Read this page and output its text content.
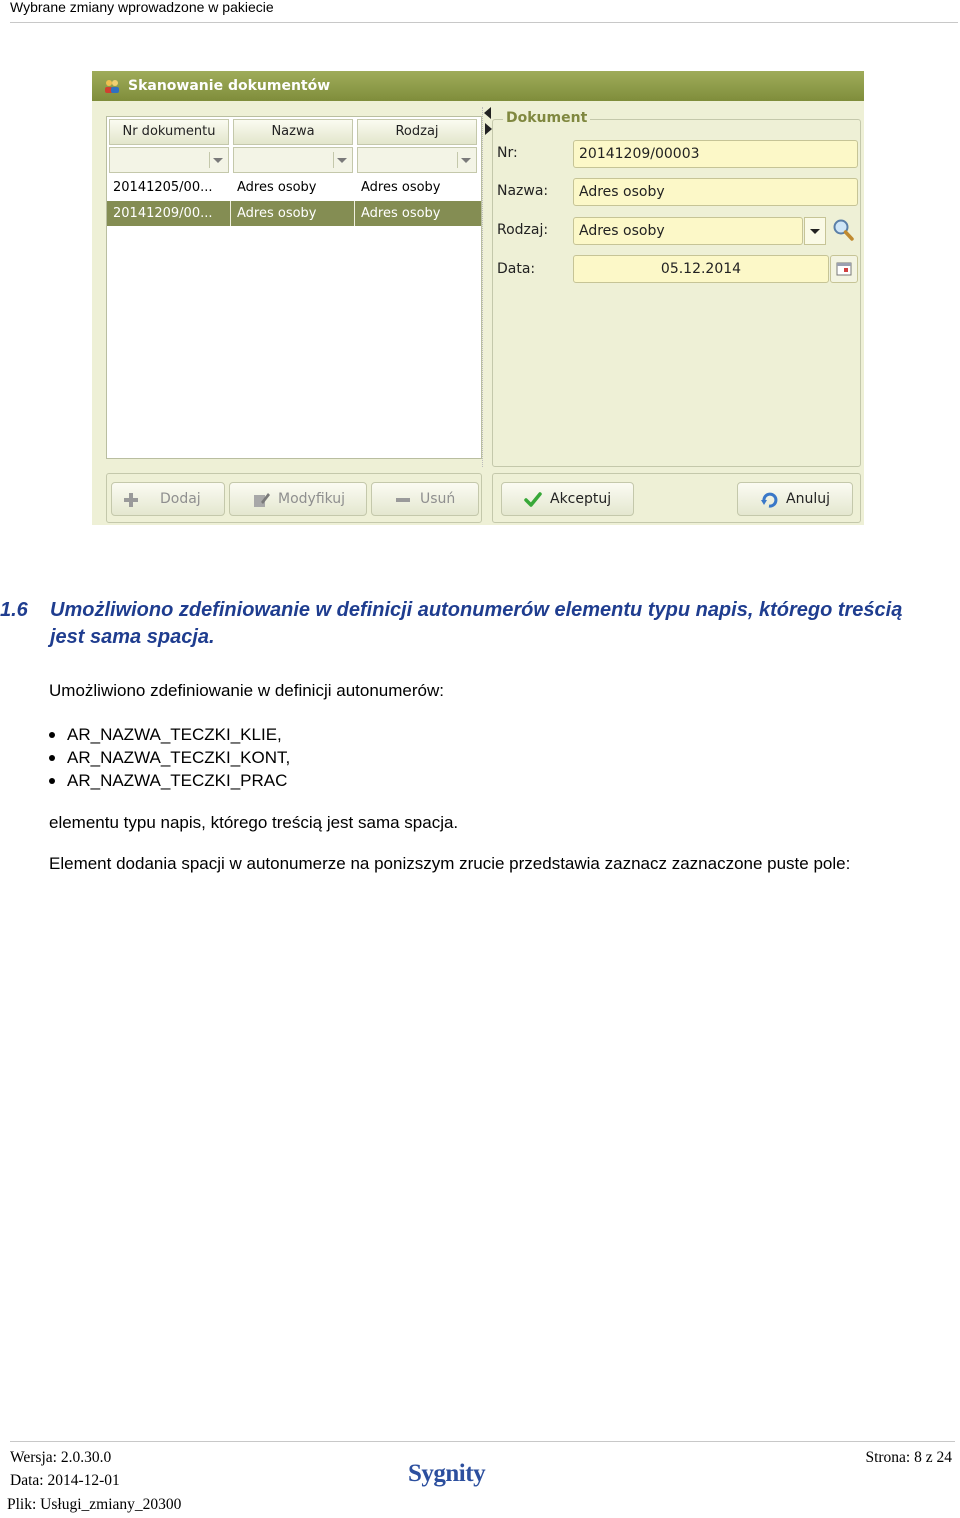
Wybrane zmiany wprowadzone w pakiecie
Skanowanie dokumentów
Nr dokumentu	Nazwa	Rodzaj
20141205/00...	Adres osoby	Adres osoby
20141209/00...	Adres osoby	Adres osoby
Dokument
Nr:	20141209/00003
Nazwa:	Adres osoby
Rodzaj:	Adres osoby
Data:	05.12.2014
Dodaj	Modyfikuj	Usuń	Akceptuj	Anuluj
1.6 Umożliwiono zdefiniowanie w definicji autonumerów elementu typu napis, którego treścią jest sama spacja.
Umożliwiono zdefiniowanie w definicji autonumerów:
AR_NAZWA_TECZKI_KLIE,
AR_NAZWA_TECZKI_KONT,
AR_NAZWA_TECZKI_PRAC
elementu typu napis, którego treścią jest sama spacja.
Element dodania spacji w autonumerze na ponizszym zrucie przedstawia zaznacz zaznaczone puste pole:
Wersja: 2.0.30.0
Data: 2014-12-01
Plik: Usługi_zmiany_20300
Strona: 8 z 24
Sygnity
